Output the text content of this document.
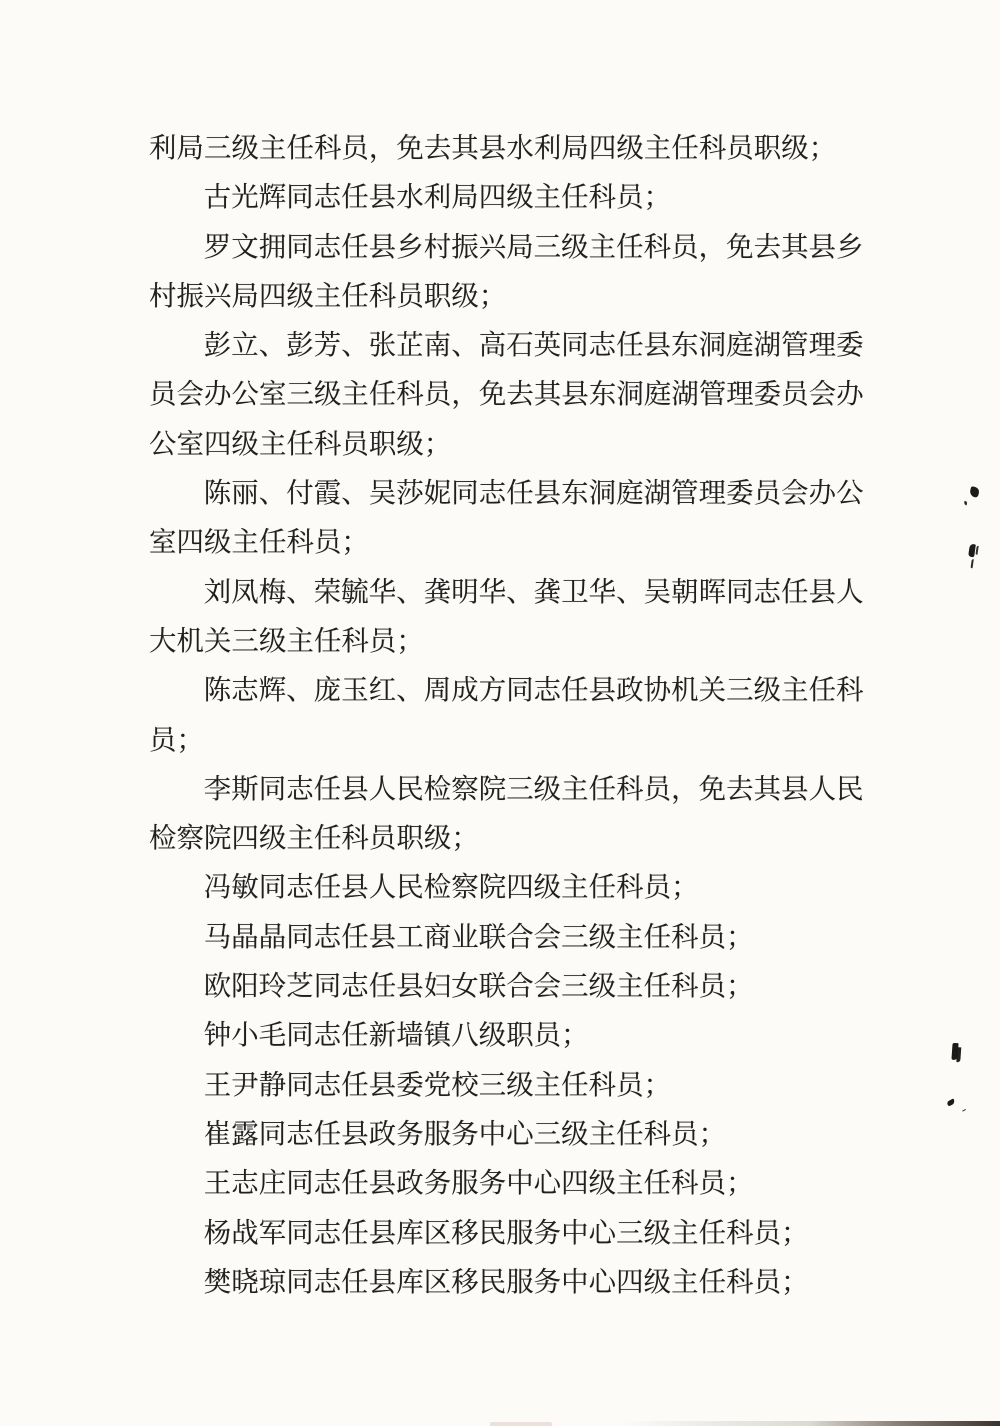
利局三级主任科员，免去其县水利局四级主任科员职级；
古光辉同志任县水利局四级主任科员；
罗文拥同志任县乡村振兴局三级主任科员，免去其县乡
村振兴局四级主任科员职级；
彭立、彭芳、张芷南、高石英同志任县东洞庭湖管理委
员会办公室三级主任科员，免去其县东洞庭湖管理委员会办
公室四级主任科员职级；
陈丽、付霞、吴莎妮同志任县东洞庭湖管理委员会办公
室四级主任科员；
刘凤梅、荣毓华、龚明华、龚卫华、吴朝晖同志任县人
大机关三级主任科员；
陈志辉、庞玉红、周成方同志任县政协机关三级主任科
员；
李斯同志任县人民检察院三级主任科员，免去其县人民
检察院四级主任科员职级；
冯敏同志任县人民检察院四级主任科员；
马晶晶同志任县工商业联合会三级主任科员；
欧阳玲芝同志任县妇女联合会三级主任科员；
钟小毛同志任新墙镇八级职员；
王尹静同志任县委党校三级主任科员；
崔露同志任县政务服务中心三级主任科员；
王志庄同志任县政务服务中心四级主任科员；
杨战军同志任县库区移民服务中心三级主任科员；
樊晓琼同志任县库区移民服务中心四级主任科员；
